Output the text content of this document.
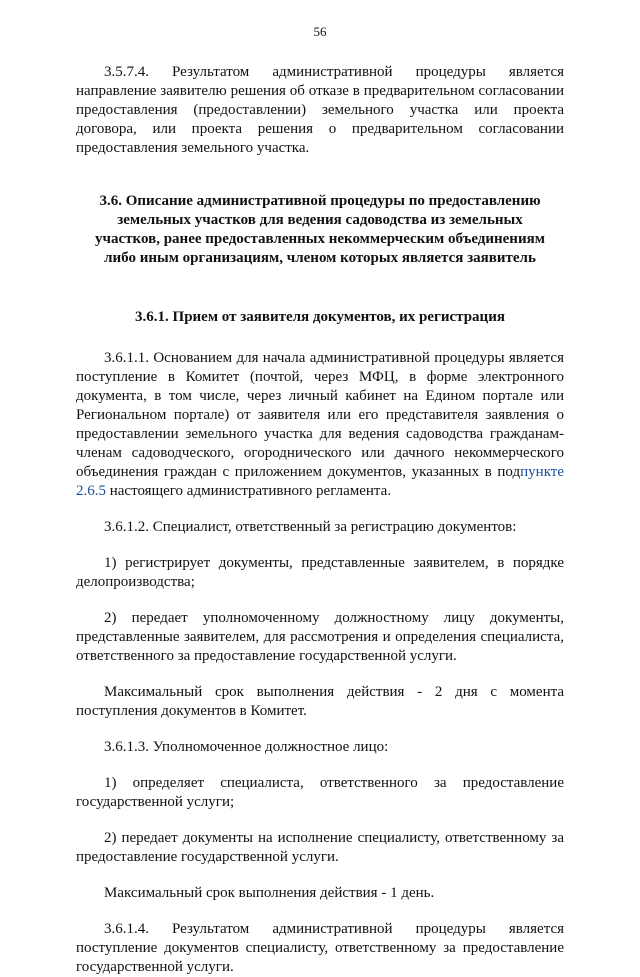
56

3.5.7.4. Результатом административной процедуры является направление заявителю решения об отказе в предварительном согласовании предоставления (предоставлении) земельного участка или проекта договора, или проекта решения о предварительном согласовании предоставления земельного участка.

3.6. Описание административной процедуры по предоставлению земельных участков для ведения садоводства из земельных участков, ранее предоставленных некоммерческим объединениям либо иным организациям, членом которых является заявитель

3.6.1. Прием от заявителя документов, их регистрация

3.6.1.1. Основанием для начала административной процедуры является поступление в Комитет (почтой, через МФЦ, в форме электронного документа, в том числе, через личный кабинет на Едином портале или Региональном портале) от заявителя или его представителя заявления о предоставлении земельного участка для ведения садоводства гражданам-членам садоводческого, огороднического или дачного некоммерческого объединения граждан с приложением документов, указанных в подпункте 2.6.5 настоящего административного регламента.

3.6.1.2. Специалист, ответственный за регистрацию документов:

1) регистрирует документы, представленные заявителем, в порядке делопроизводства;

2) передает уполномоченному должностному лицу документы, представленные заявителем, для рассмотрения и определения специалиста, ответственного за предоставление государственной услуги.

Максимальный срок выполнения действия - 2 дня с момента поступления документов в Комитет.

3.6.1.3. Уполномоченное должностное лицо:

1) определяет специалиста, ответственного за предоставление государственной услуги;

2) передает документы на исполнение специалисту, ответственному за предоставление государственной услуги.

Максимальный срок выполнения действия - 1 день.

3.6.1.4. Результатом административной процедуры является поступление документов специалисту, ответственному за предоставление государственной услуги.
